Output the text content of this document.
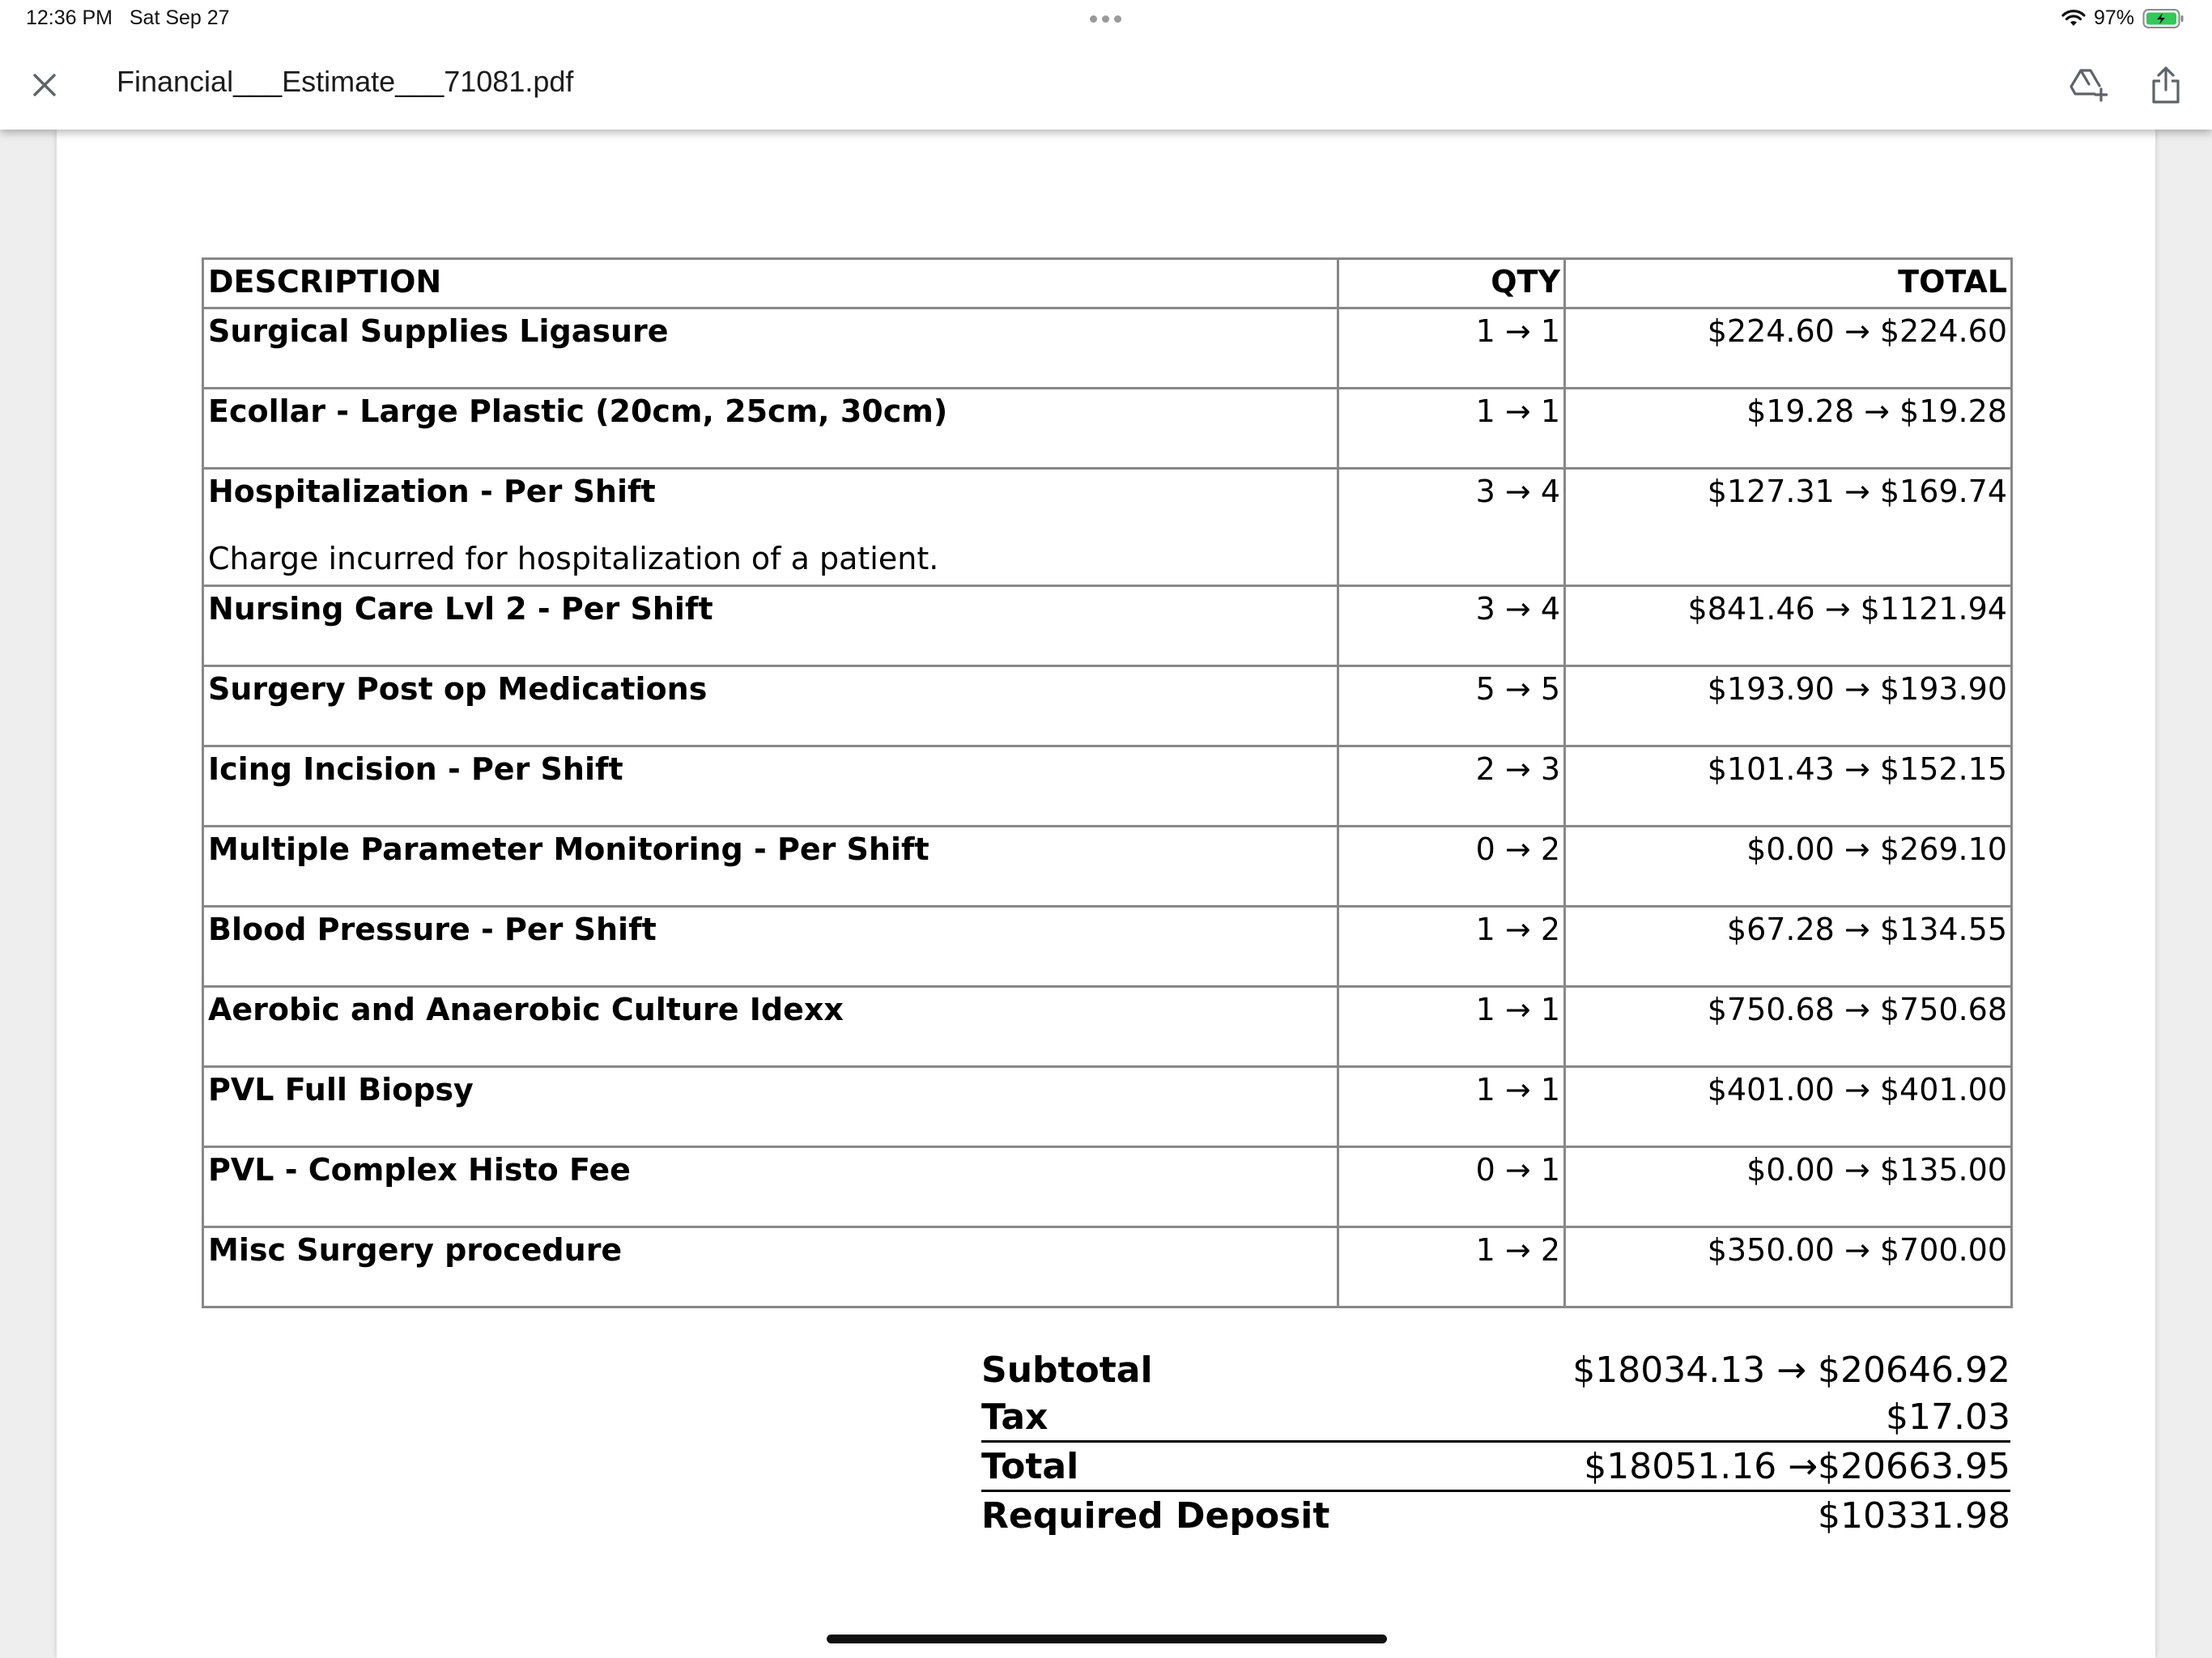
12:36 PM Sat Sep 27	97%
Financial___Estimate___71081.pdf
DESCRIPTION	QTY	TOTAL

Surgical Supplies Ligasure	1 → 1	$224.60 → $224.60

Ecollar - Large Plastic (20cm, 25cm, 30cm)	1 → 1	$19.28 → $19.28

Hospitalization - Per Shift
Charge incurred for hospitalization of a patient.	3 → 4	$127.31 → $169.74

Nursing Care Lvl 2 - Per Shift	3 → 4	$841.46 → $1121.94

Surgery Post op Medications	5 → 5	$193.90 → $193.90

Icing Incision - Per Shift	2 → 3	$101.43 → $152.15

Multiple Parameter Monitoring - Per Shift	0 → 2	$0.00 → $269.10

Blood Pressure - Per Shift	1 → 2	$67.28 → $134.55

Aerobic and Anaerobic Culture Idexx	1 → 1	$750.68 → $750.68

PVL Full Biopsy	1 → 1	$401.00 → $401.00

PVL - Complex Histo Fee	0 → 1	$0.00 → $135.00

Misc Surgery procedure	1 → 2	$350.00 → $700.00
Subtotal	$18034.13 → $20646.92
Tax	$17.03
Total	$18051.16 →$20663.95
Required Deposit	$10331.98
